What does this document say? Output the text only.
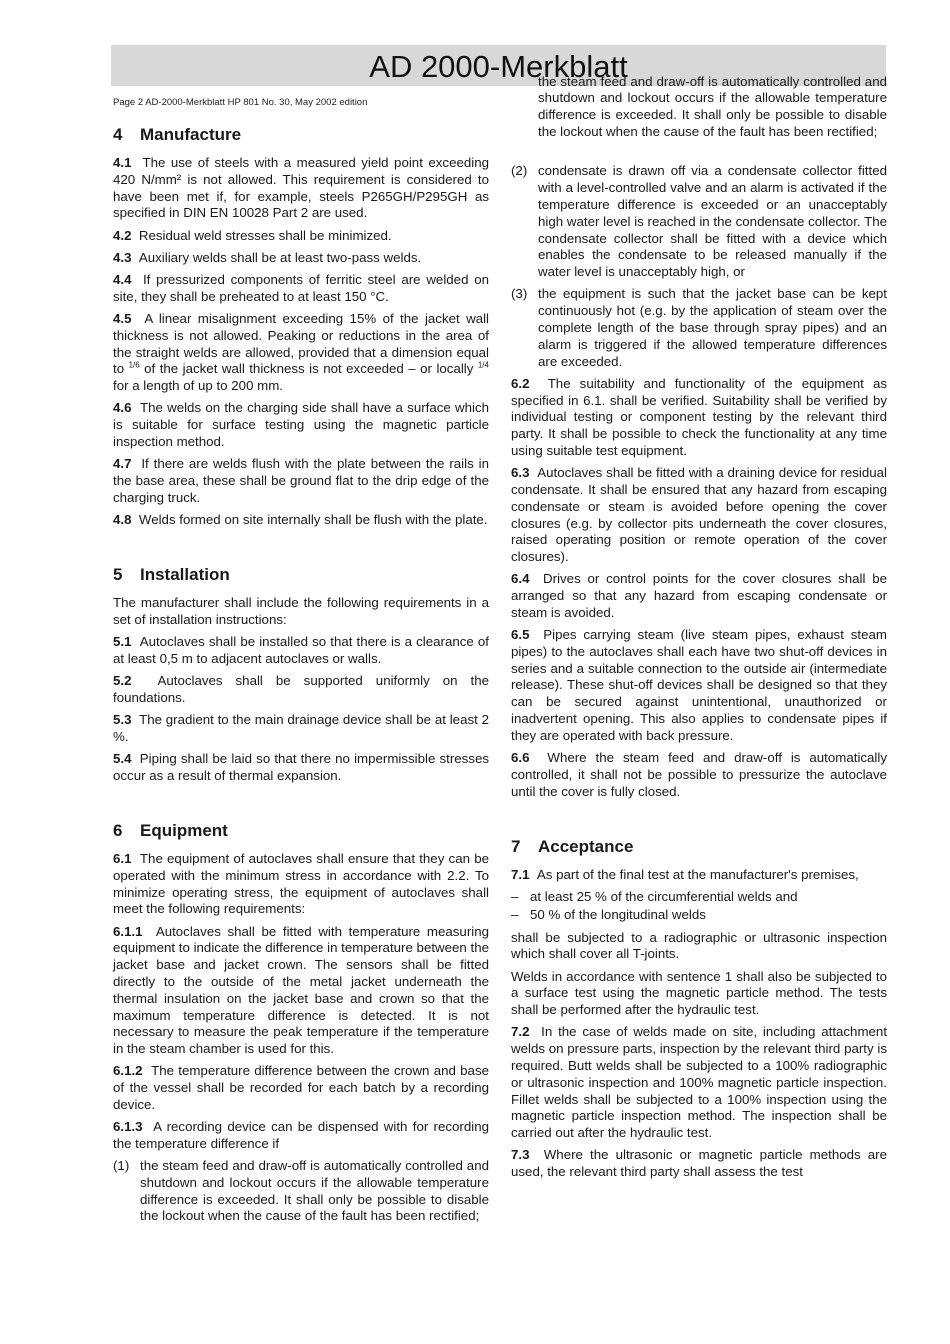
AD 2000-Merkblatt
Page 2 AD-2000-Merkblatt HP 801 No. 30, May 2002 edition
4 Manufacture

4.1 The use of steels with a measured yield point exceeding 420 N/mm² is not allowed. This requirement is considered to have been met if, for example, steels P265GH/P295GH as specified in DIN EN 10028 Part 2 are used.

4.2 Residual weld stresses shall be minimized.

4.3 Auxiliary welds shall be at least two-pass welds.

4.4 If pressurized components of ferritic steel are welded on site, they shall be preheated to at least 150 °C.

4.5 A linear misalignment exceeding 15% of the jacket wall thickness is not allowed. Peaking or reductions in the area of the straight welds are allowed, provided that a dimension equal to $^{1/6}$ of the jacket wall thickness is not exceeded – or locally $^{1/4}$ for a length of up to 200 mm.

4.6 The welds on the charging side shall have a surface which is suitable for surface testing using the magnetic particle inspection method.

4.7 If there are welds flush with the plate between the rails in the base area, these shall be ground flat to the drip edge of the charging truck.

4.8 Welds formed on site internally shall be flush with the plate.

5 Installation

The manufacturer shall include the following requirements in a set of installation instructions:

5.1 Autoclaves shall be installed so that there is a clearance of at least 0,5 m to adjacent autoclaves or walls.

5.2 Autoclaves shall be supported uniformly on the foundations.

5.3 The gradient to the main drainage device shall be at least 2 %.

5.4 Piping shall be laid so that there no impermissible stresses occur as a result of thermal expansion.

6 Equipment

6.1 The equipment of autoclaves shall ensure that they can be operated with the minimum stress in accordance with 2.2. To minimize operating stress, the equipment of autoclaves shall meet the following requirements:

6.1.1 Autoclaves shall be fitted with temperature measuring equipment to indicate the difference in temperature between the jacket base and jacket crown. The sensors shall be fitted directly to the outside of the metal jacket underneath the thermal insulation on the jacket base and crown so that the maximum temperature difference is detected. It is not necessary to measure the peak temperature if the temperature in the steam chamber is used for this.

6.1.2 The temperature difference between the crown and base of the vessel shall be recorded for each batch by a recording device.

6.1.3 A recording device can be dispensed with for recording the temperature difference if

(1) the steam feed and draw-off is automatically controlled and shutdown and lockout occurs if the allowable temperature difference is exceeded. It shall only be possible to disable the lockout when the cause of the fault has been rectified;
the steam feed and draw-off is automatically controlled and shutdown and lockout occurs if the allowable temperature difference is exceeded. It shall only be possible to disable the lockout when the cause of the fault has been rectified;
(2) condensate is drawn off via a condensate collector fitted with a level-controlled valve and an alarm is activated if the temperature difference is exceeded or an unacceptably high water level is reached in the condensate collector. The condensate collector shall be fitted with a device which enables the condensate to be released manually if the water level is unacceptably high, or
(3) the equipment is such that the jacket base can be kept continuously hot (e.g. by the application of steam over the complete length of the base through spray pipes) and an alarm is triggered if the allowed temperature differences are exceeded.

6.2 The suitability and functionality of the equipment as specified in 6.1. shall be verified. Suitability shall be verified by individual testing or component testing by the relevant third party. It shall be possible to check the functionality at any time using suitable test equipment.

6.3 Autoclaves shall be fitted with a draining device for residual condensate. It shall be ensured that any hazard from escaping condensate or steam is avoided before opening the cover closures (e.g. by collector pits underneath the cover closures, raised operating position or remote operation of the cover closures).

6.4 Drives or control points for the cover closures shall be arranged so that any hazard from escaping condensate or steam is avoided.

6.5 Pipes carrying steam (live steam pipes, exhaust steam pipes) to the autoclaves shall each have two shut-off devices in series and a suitable connection to the outside air (intermediate release). These shut-off devices shall be designed so that they can be secured against unintentional, unauthorized or inadvertent opening. This also applies to condensate pipes if they are operated with back pressure.

6.6 Where the steam feed and draw-off is automatically controlled, it shall not be possible to pressurize the autoclave until the cover is fully closed.

7 Acceptance

7.1 As part of the final test at the manufacturer's premises,

– at least 25 % of the circumferential welds and
– 50 % of the longitudinal welds

shall be subjected to a radiographic or ultrasonic inspection which shall cover all T-joints.

Welds in accordance with sentence 1 shall also be subjected to a surface test using the magnetic particle method. The tests shall be performed after the hydraulic test.

7.2 In the case of welds made on site, including attachment welds on pressure parts, inspection by the relevant third party is required. Butt welds shall be subjected to a 100% radiographic or ultrasonic inspection and 100% magnetic particle inspection. Fillet welds shall be subjected to a 100% inspection using the magnetic particle inspection method. The inspection shall be carried out after the hydraulic test.

7.3 Where the ultrasonic or magnetic particle methods are used, the relevant third party shall assess the test
